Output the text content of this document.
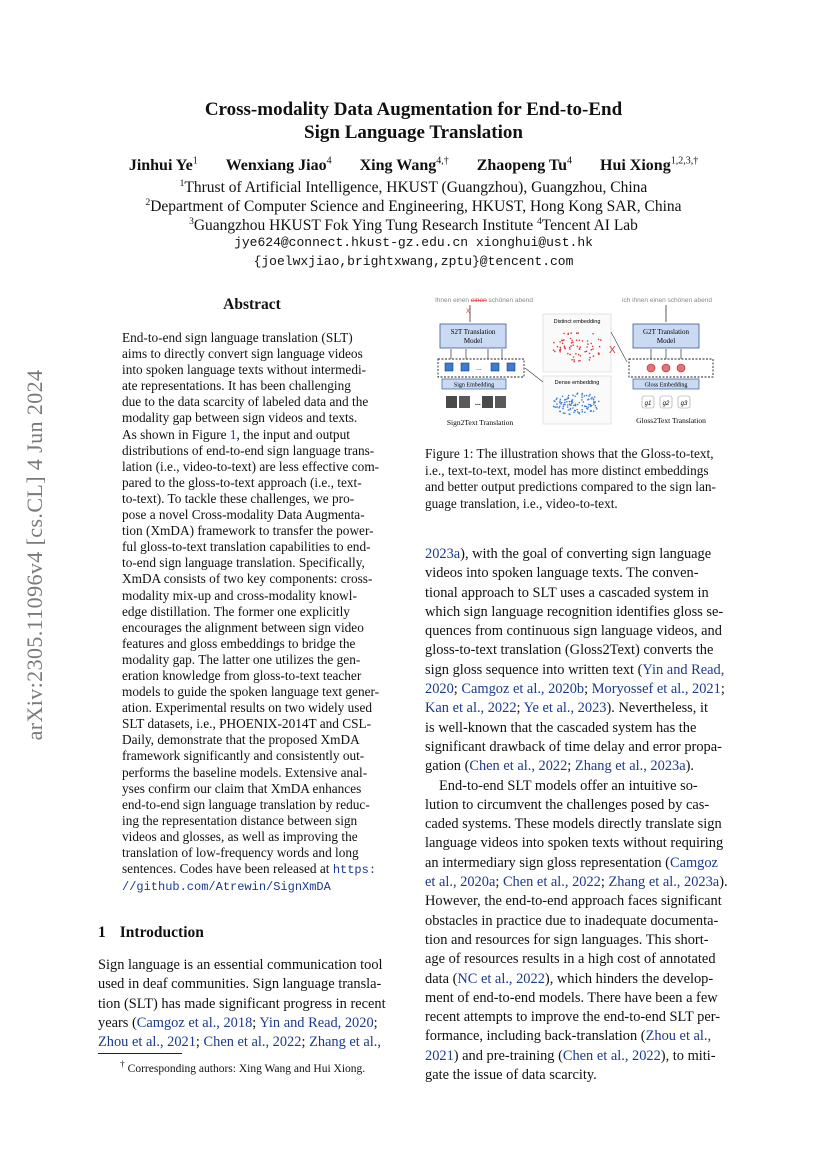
arXiv:2305.11096v4 [cs.CL] 4 Jun 2024
Cross-modality Data Augmentation for End-to-End
Sign Language Translation
Jinhui Ye$^1$ Wenxiang Jiao$^4$ Xing Wang$^{4,\dagger}$ Zhaopeng Tu$^4$ Hui Xiong$^{1,2,3,\dagger}$
$^1$Thrust of Artificial Intelligence, HKUST (Guangzhou), Guangzhou, China
$^2$Department of Computer Science and Engineering, HKUST, Hong Kong SAR, China
$^3$Guangzhou HKUST Fok Ying Tung Research Institute $^4$Tencent AI Lab
jye624@connect.hkust-gz.edu.cn xionghui@ust.hk
{joelwxjiao,brightxwang,zptu}@tencent.com
Abstract
End-to-end sign language translation (SLT)
aims to directly convert sign language videos
into spoken language texts without intermedi-
ate representations. It has been challenging
due to the data scarcity of labeled data and the
modality gap between sign videos and texts.
As shown in Figure 1, the input and output
distributions of end-to-end sign language trans-
lation (i.e., video-to-text) are less effective com-
pared to the gloss-to-text approach (i.e., text-
to-text). To tackle these challenges, we pro-
pose a novel Cross-modality Data Augmenta-
tion (XmDA) framework to transfer the power-
ful gloss-to-text translation capabilities to end-
to-end sign language translation. Specifically,
XmDA consists of two key components: cross-
modality mix-up and cross-modality knowl-
edge distillation. The former one explicitly
encourages the alignment between sign video
features and gloss embeddings to bridge the
modality gap. The latter one utilizes the gen-
eration knowledge from gloss-to-text teacher
models to guide the spoken language text gener-
ation. Experimental results on two widely used
SLT datasets, i.e., PHOENIX-2014T and CSL-
Daily, demonstrate that the proposed XmDA
framework significantly and consistently out-
performs the baseline models. Extensive anal-
yses confirm our claim that XmDA enhances
end-to-end sign language translation by reduc-
ing the representation distance between sign
videos and glosses, as well as improving the
translation of low-frequency words and long
sentences. Codes have been released at https:
//github.com/Atrewin/SignXmDA
1 Introduction
Sign language is an essential communication tool
used in deaf communities. Sign language transla-
tion (SLT) has made significant progress in recent
years (Camgoz et al., 2018; Yin and Read, 2020;
Zhou et al., 2021; Chen et al., 2022; Zhang et al.,
† Corresponding authors: Xing Wang and Hui Xiong.
Ihnen einen einen schönen abend
X
S2T Translation
Model
...
Sign Embedding
...
Sign2Text Translation
Distinct embedding
Dense embedding
X
ich ihnen einen schönen abend
G2T Translation
Model
Gloss Embedding
g1 g2 g3
Gloss2Text Translation
Figure 1: The illustration shows that the Gloss-to-text,
i.e., text-to-text, model has more distinct embeddings
and better output predictions compared to the sign lan-
guage translation, i.e., video-to-text.
2023a), with the goal of converting sign language
videos into spoken language texts. The conven-
tional approach to SLT uses a cascaded system in
which sign language recognition identifies gloss se-
quences from continuous sign language videos, and
gloss-to-text translation (Gloss2Text) converts the
sign gloss sequence into written text (Yin and Read,
2020; Camgoz et al., 2020b; Moryossef et al., 2021;
Kan et al., 2022; Ye et al., 2023). Nevertheless, it
is well-known that the cascaded system has the
significant drawback of time delay and error propa-
gation (Chen et al., 2022; Zhang et al., 2023a).
End-to-end SLT models offer an intuitive so-
lution to circumvent the challenges posed by cas-
caded systems. These models directly translate sign
language videos into spoken texts without requiring
an intermediary sign gloss representation (Camgoz
et al., 2020a; Chen et al., 2022; Zhang et al., 2023a).
However, the end-to-end approach faces significant
obstacles in practice due to inadequate documenta-
tion and resources for sign languages. This short-
age of resources results in a high cost of annotated
data (NC et al., 2022), which hinders the develop-
ment of end-to-end models. There have been a few
recent attempts to improve the end-to-end SLT per-
formance, including back-translation (Zhou et al.,
2021) and pre-training (Chen et al., 2022), to miti-
gate the issue of data scarcity.
